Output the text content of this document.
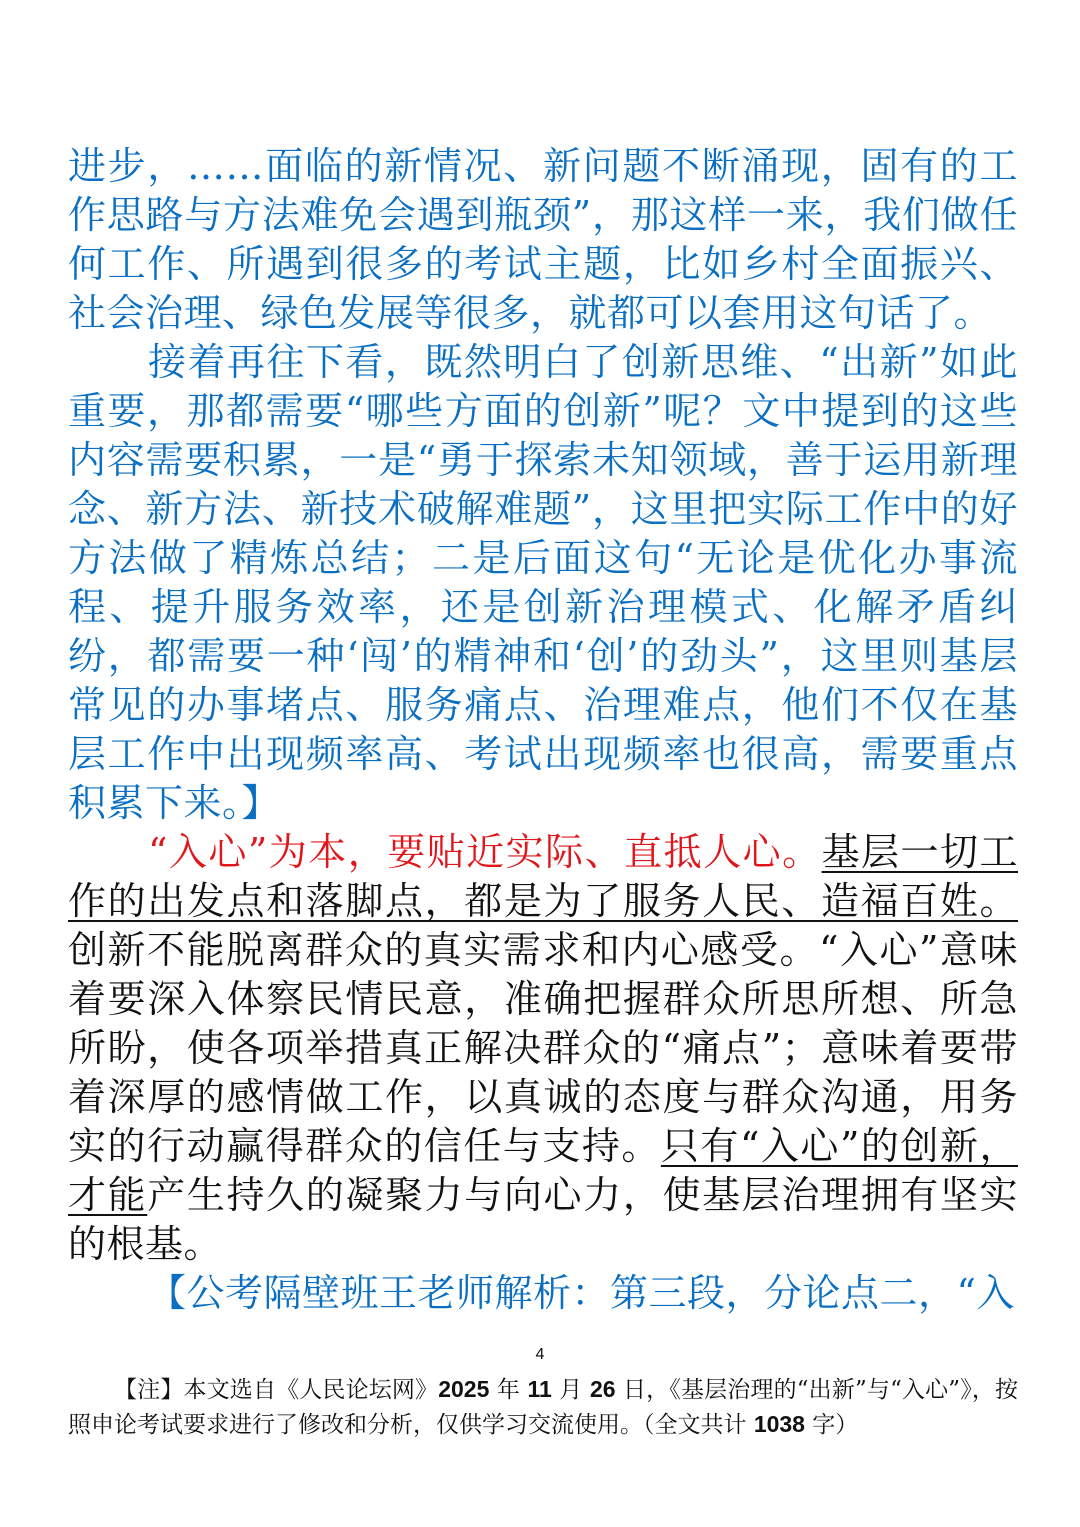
进步，……面临的新情况、新问题不断涌现，固有的工作思路与方法难免会遇到瓶颈”，那这样一来，我们做任何工作、所遇到很多的考试主题，比如乡村全面振兴、社会治理、绿色发展等很多，就都可以套用这句话了。

接着再往下看，既然明白了创新思维、“出新”如此重要，那都需要“哪些方面的创新”呢？文中提到的这些内容需要积累，一是“勇于探索未知领域，善于运用新理念、新方法、新技术破解难题”，这里把实际工作中的好方法做了精炼总结；二是后面这句“无论是优化办事流程、提升服务效率，还是创新治理模式、化解矛盾纠纷，都需要一种‘闯’的精神和‘创’的劲头”，这里则基层常见的办事堵点、服务痛点、治理难点，他们不仅在基层工作中出现频率高、考试出现频率也很高，需要重点积累下来。】

“入心”为本，要贴近实际、直抵人心。基层一切工作的出发点和落脚点，都是为了服务人民、造福百姓。创新不能脱离群众的真实需求和内心感受。“入心”意味着要深入体察民情民意，准确把握群众所思所想、所急所盼，使各项举措真正解决群众的“痛点”；意味着要带着深厚的感情做工作，以真诚的态度与群众沟通，用务实的行动赢得群众的信任与支持。只有“入心”的创新，才能产生持久的凝聚力与向心力，使基层治理拥有坚实的根基。

【公考隔壁班王老师解析：第三段，分论点二，“入

4

【注】本文选自《人民论坛网》2025 年 11 月 26 日，《基层治理的“出新”与“入心”》，按照申论考试要求进行了修改和分析，仅供学习交流使用。（全文共计 1038 字）
